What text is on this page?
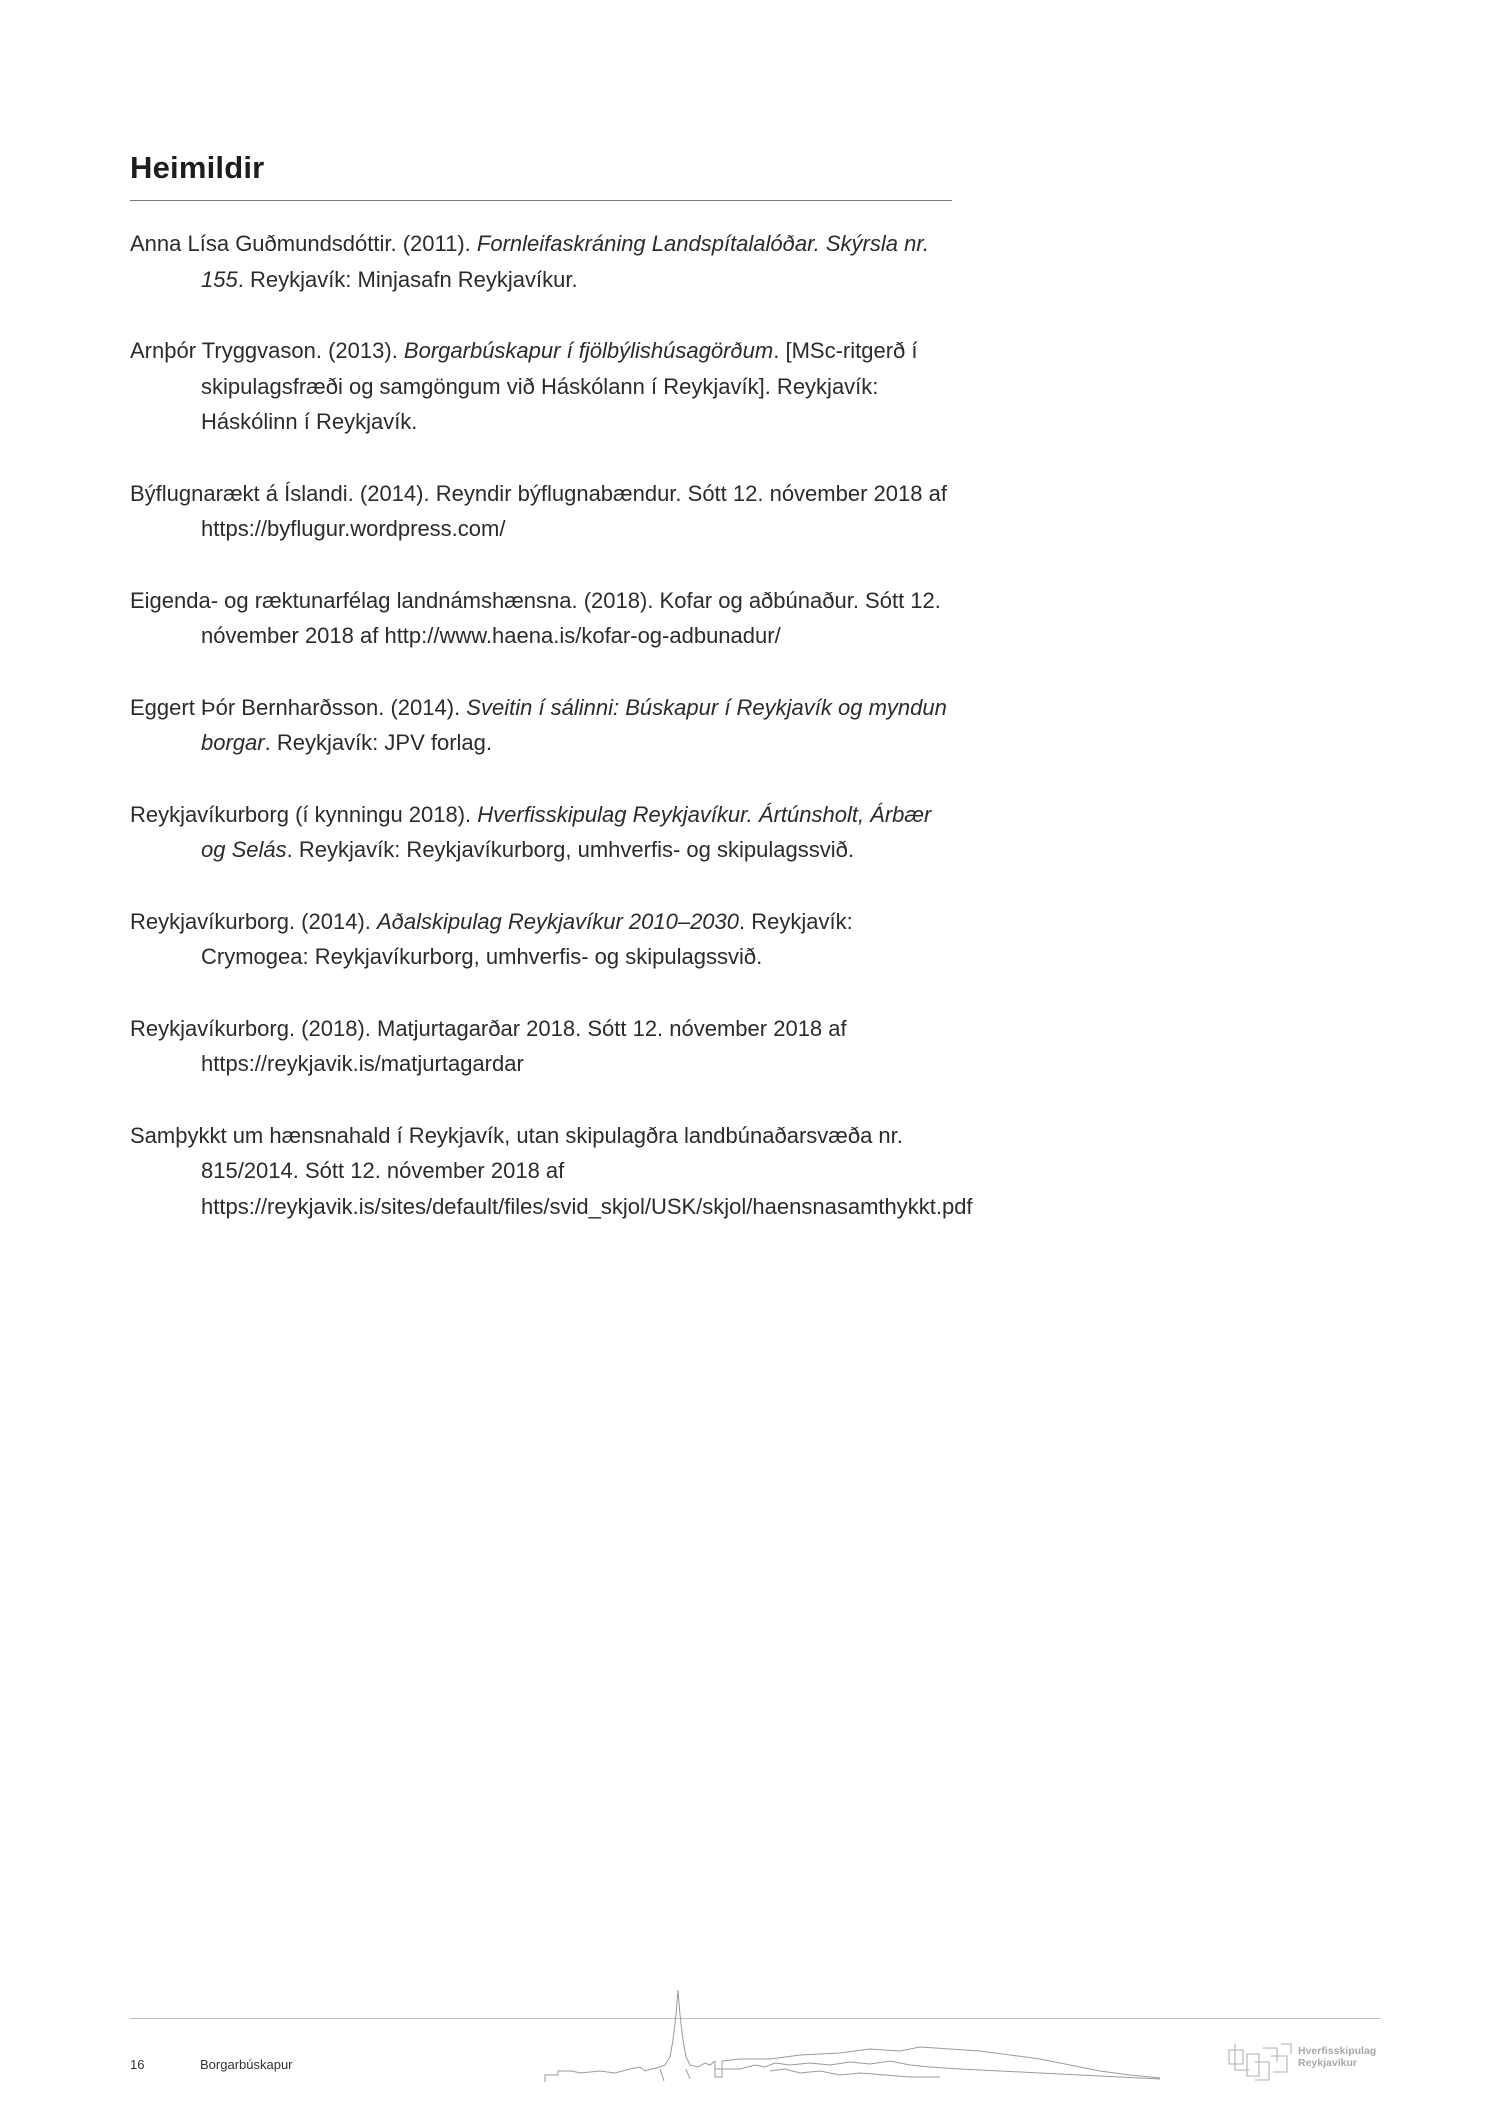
Heimildir

Anna Lísa Guðmundsdóttir. (2011). Fornleifaskráning Landspítalalóðar. Skýrsla nr. 155. Reykjavík: Minjasafn Reykjavíkur.

Arnþór Tryggvason. (2013). Borgarbúskapur í fjölbýlishúsagörðum. [MSc-ritgerð í skipulagsfræði og samgöngum við Háskólann í Reykjavík]. Reykjavík: Háskólinn í Reykjavík.

Býflugnarækt á Íslandi. (2014). Reyndir býflugnabændur. Sótt 12. nóvember 2018 af https://byflugur.wordpress.com/

Eigenda- og ræktunarfélag landnámshænsna. (2018). Kofar og aðbúnaður. Sótt 12. nóvember 2018 af http://www.haena.is/kofar-og-adbunadur/

Eggert Þór Bernharðsson. (2014). Sveitin í sálinni: Búskapur í Reykjavík og myndun borgar. Reykjavík: JPV forlag.

Reykjavíkurborg (í kynningu 2018). Hverfisskipulag Reykjavíkur. Ártúnsholt, Árbær og Selás. Reykjavík: Reykjavíkurborg, umhverfis- og skipulagssvið.

Reykjavíkurborg. (2014). Aðalskipulag Reykjavíkur 2010–2030. Reykjavík: Crymogea: Reykjavíkurborg, umhverfis- og skipulagssvið.

Reykjavíkurborg. (2018). Matjurtagarðar 2018. Sótt 12. nóvember 2018 af https://reykjavik.is/matjurtagardar

Samþykkt um hænsnahald í Reykjavík, utan skipulagðra landbúnaðarsvæða nr. 815/2014. Sótt 12. nóvember 2018 af https://reykjavik.is/sites/default/files/svid_skjol/USK/skjol/haensnasamthykkt.pdf

Hverfisskipulag
Reykjavíkur
16	Borgarbúskapur
